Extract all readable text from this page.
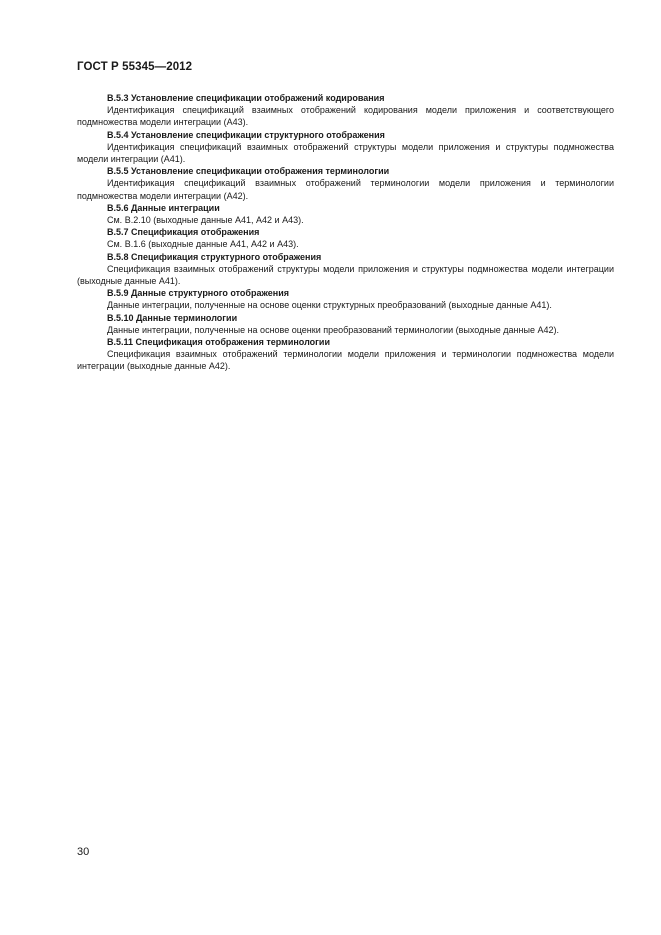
ГОСТ Р 55345—2012

B.5.3 Установление спецификации отображений кодирования

Идентификация спецификаций взаимных отображений кодирования модели приложения и соответствующего подмножества модели интеграции (А43).

B.5.4 Установление спецификации структурного отображения

Идентификация спецификаций взаимных отображений структуры модели приложения и структуры подмножества модели интеграции (А41).

B.5.5 Установление спецификации отображения терминологии

Идентификация спецификаций взаимных отображений терминологии модели приложения и терминологии подмножества модели интеграции (А42).

B.5.6 Данные интеграции

См. В.2.10 (выходные данные А41, А42 и А43).

B.5.7 Спецификация отображения

См. В.1.6 (выходные данные А41, А42 и А43).

B.5.8 Спецификация структурного отображения

Спецификация взаимных отображений структуры модели приложения и структуры подмножества модели интеграции (выходные данные А41).

B.5.9 Данные структурного отображения

Данные интеграции, полученные на основе оценки структурных преобразований (выходные данные А41).

B.5.10 Данные терминологии

Данные интеграции, полученные на основе оценки преобразований терминологии (выходные данные А42).

B.5.11 Спецификация отображения терминологии

Спецификация взаимных отображений терминологии модели приложения и терминологии подмножества модели интеграции (выходные данные А42).

30
